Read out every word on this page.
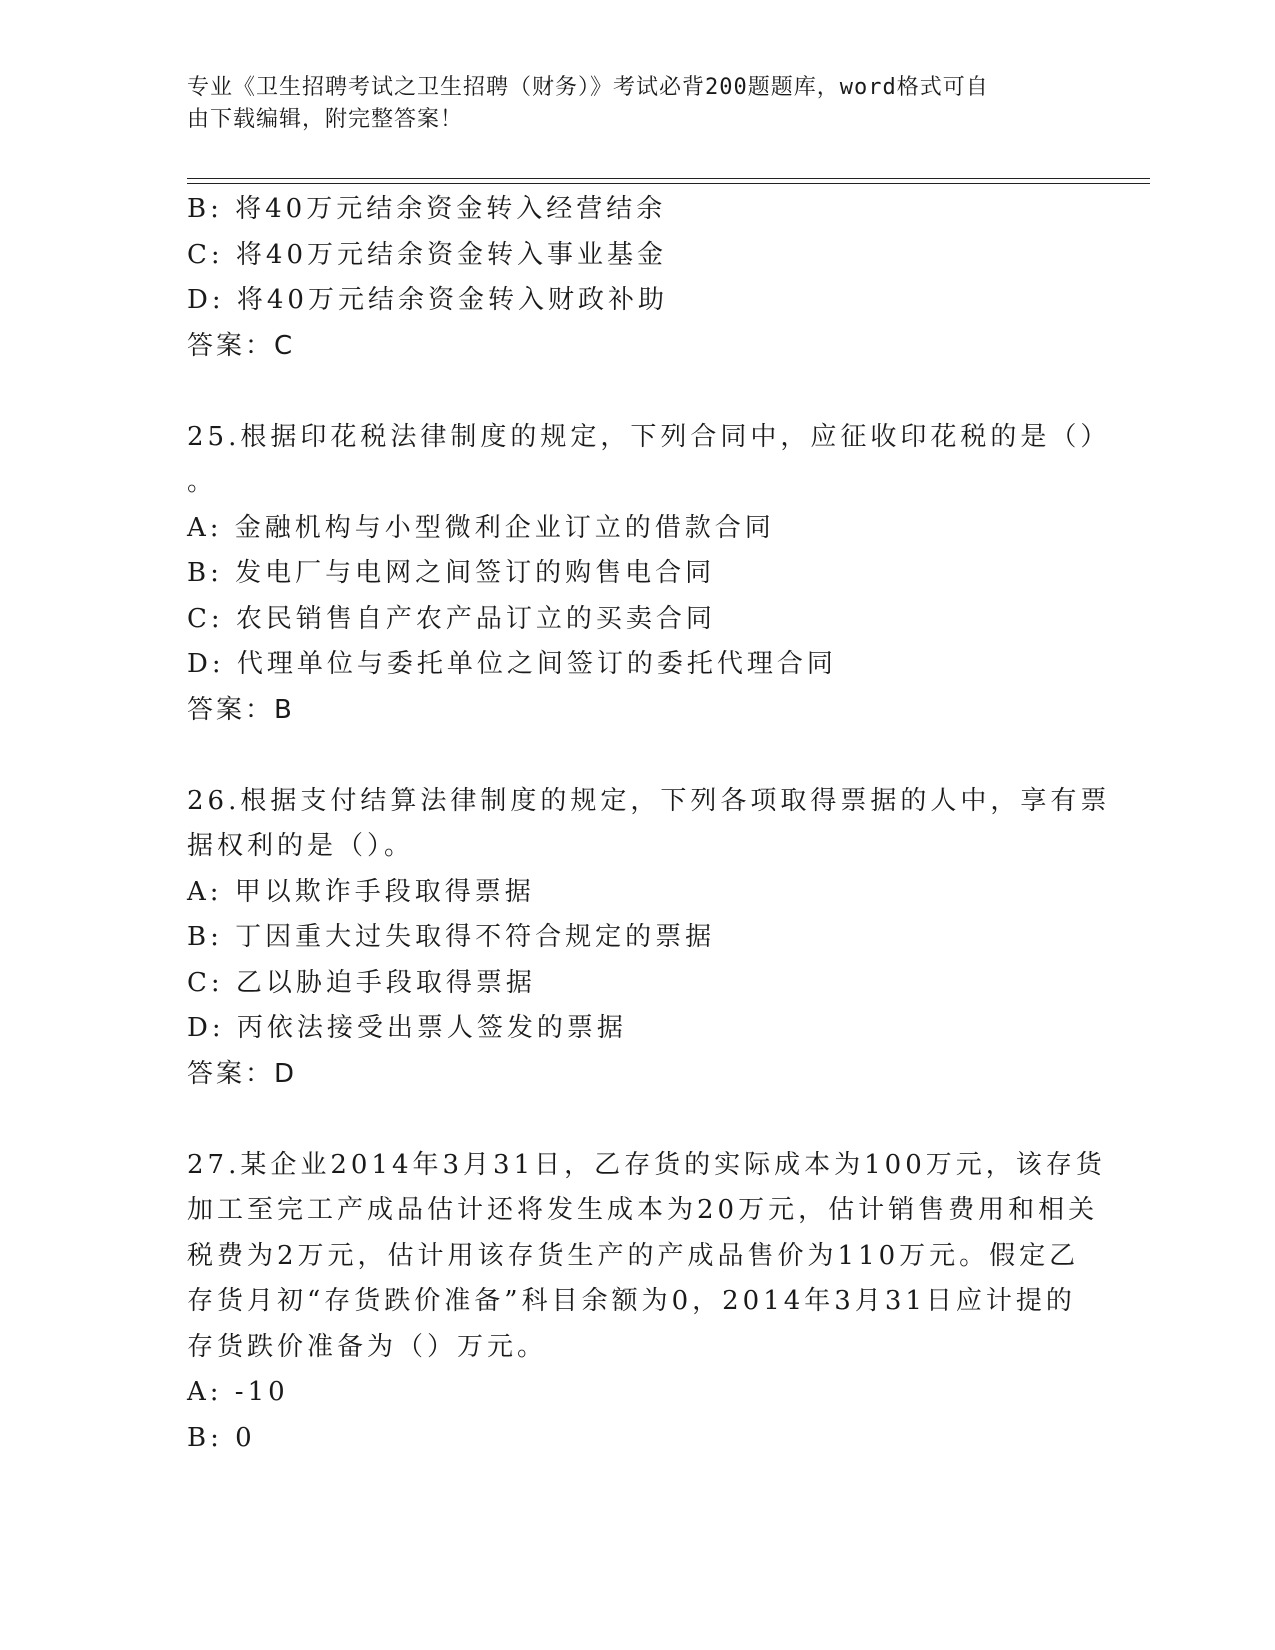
专业《卫生招聘考试之卫生招聘（财务）》考试必背200题题库，word格式可自
由下载编辑，附完整答案！
B: 将40万元结余资金转入经营结余
C: 将40万元结余资金转入事业基金
D: 将40万元结余资金转入财政补助
答案：C
25.根据印花税法律制度的规定，下列合同中，应征收印花税的是（）
。
A: 金融机构与小型微利企业订立的借款合同
B: 发电厂与电网之间签订的购售电合同
C: 农民销售自产农产品订立的买卖合同
D: 代理单位与委托单位之间签订的委托代理合同
答案：B
26.根据支付结算法律制度的规定，下列各项取得票据的人中，享有票
据权利的是（）。
A: 甲以欺诈手段取得票据
B: 丁因重大过失取得不符合规定的票据
C: 乙以胁迫手段取得票据
D: 丙依法接受出票人签发的票据
答案：D
27.某企业2014年3月31日，乙存货的实际成本为100万元，该存货
加工至完工产成品估计还将发生成本为20万元，估计销售费用和相关
税费为2万元，估计用该存货生产的产成品售价为110万元。假定乙
存货月初“存货跌价准备”科目余额为0，2014年3月31日应计提的
存货跌价准备为（）万元。
A: -10
B: 0
